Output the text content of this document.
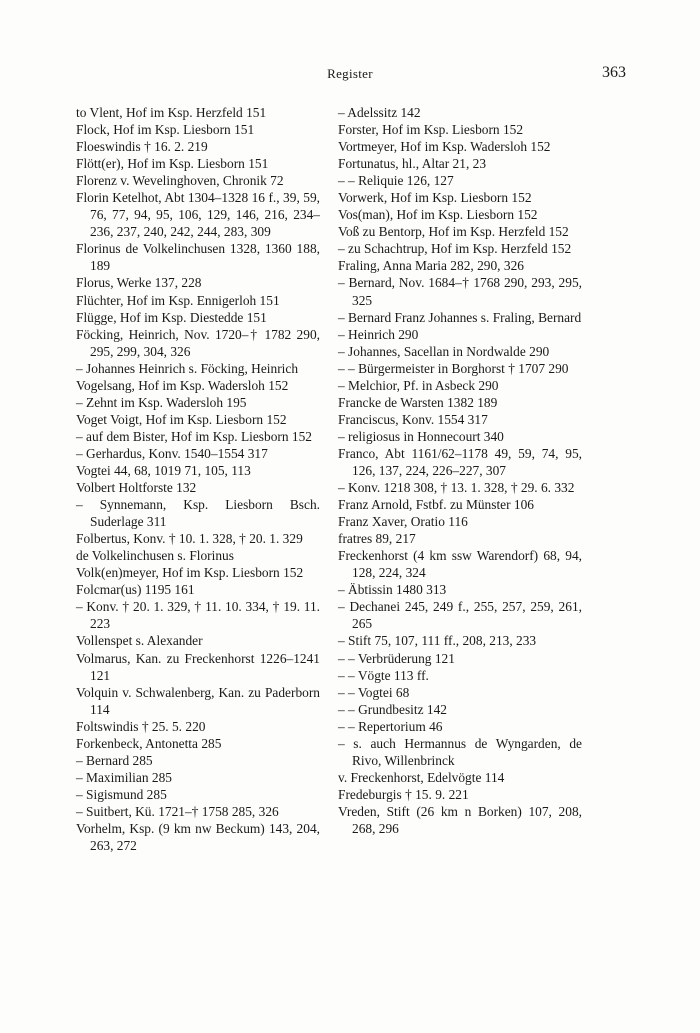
Register	363

to Vlent, Hof im Ksp. Herzfeld 151

Flock, Hof im Ksp. Liesborn 151

Floeswindis † 16. 2. 219

Flött(er), Hof im Ksp. Liesborn 151

Florenz v. Wevelinghoven, Chronik 72

Florin Ketelhot, Abt 1304–1328 16 f., 39, 59, 76, 77, 94, 95, 106, 129, 146, 216, 234–236, 237, 240, 242, 244, 283, 309

Florinus de Volkelinchusen 1328, 1360 188, 189

Florus, Werke 137, 228

Flüchter, Hof im Ksp. Ennigerloh 151

Flügge, Hof im Ksp. Diestedde 151

Föcking, Heinrich, Nov. 1720–† 1782 290, 295, 299, 304, 326

– Johannes Heinrich s. Föcking, Heinrich

Vogelsang, Hof im Ksp. Wadersloh 152

– Zehnt im Ksp. Wadersloh 195

Voget Voigt, Hof im Ksp. Liesborn 152

– auf dem Bister, Hof im Ksp. Liesborn 152

– Gerhardus, Konv. 1540–1554 317

Vogtei 44, 68, 1019 71, 105, 113

Volbert Holtforste 132

– Synnemann, Ksp. Liesborn Bsch. Suderlage 311

Folbertus, Konv. † 10. 1. 328, † 20. 1. 329

de Volkelinchusen s. Florinus

Volk(en)meyer, Hof im Ksp. Liesborn 152

Folcmar(us) 1195 161

– Konv. † 20. 1. 329, † 11. 10. 334, † 19. 11. 223

Vollenspet s. Alexander

Volmarus, Kan. zu Freckenhorst 1226–1241 121

Volquin v. Schwalenberg, Kan. zu Paderborn 114

Foltswindis † 25. 5. 220

Forkenbeck, Antonetta 285

– Bernard 285

– Maximilian 285

– Sigismund 285

– Suitbert, Kü. 1721–† 1758 285, 326

Vorhelm, Ksp. (9 km nw Beckum) 143, 204, 263, 272

– Adelssitz 142

Forster, Hof im Ksp. Liesborn 152

Vortmeyer, Hof im Ksp. Wadersloh 152

Fortunatus, hl., Altar 21, 23

– – Reliquie 126, 127

Vorwerk, Hof im Ksp. Liesborn 152

Vos(man), Hof im Ksp. Liesborn 152

Voß zu Bentorp, Hof im Ksp. Herzfeld 152

– zu Schachtrup, Hof im Ksp. Herzfeld 152

Fraling, Anna Maria 282, 290, 326

– Bernard, Nov. 1684–† 1768 290, 293, 295, 325

– Bernard Franz Johannes s. Fraling, Bernard

– Heinrich 290

– Johannes, Sacellan in Nordwalde 290

– – Bürgermeister in Borghorst † 1707 290

– Melchior, Pf. in Asbeck 290

Francke de Warsten 1382 189

Franciscus, Konv. 1554 317

– religiosus in Honnecourt 340

Franco, Abt 1161/62–1178 49, 59, 74, 95, 126, 137, 224, 226–227, 307

– Konv. 1218 308, † 13. 1. 328, † 29. 6. 332

Franz Arnold, Fstbf. zu Münster 106

Franz Xaver, Oratio 116

fratres 89, 217

Freckenhorst (4 km ssw Warendorf) 68, 94, 128, 224, 324

– Äbtissin 1480 313

– Dechanei 245, 249 f., 255, 257, 259, 261, 265

– Stift 75, 107, 111 ff., 208, 213, 233

– – Verbrüderung 121

– – Vögte 113 ff.

– – Vogtei 68

– – Grundbesitz 142

– – Repertorium 46

– s. auch Hermannus de Wyngarden, de Rivo, Willenbrinck

v. Freckenhorst, Edelvögte 114

Fredeburgis † 15. 9. 221

Vreden, Stift (26 km n Borken) 107, 208, 268, 296
